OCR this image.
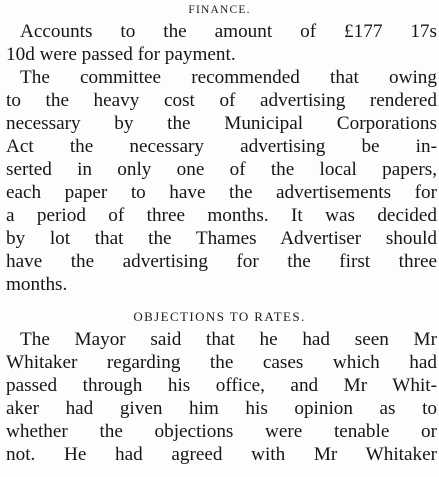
FINANCE.
Accounts to the amount of £177 17s
10d were passed for payment.
The committee recommended that owing
to the heavy cost of advertising rendered
necessary by the Municipal Corporations
Act the necessary advertising be in-
serted in only one of the local papers,
each paper to have the advertisements for
a period of three months. It was decided
by lot that the Thames Advertiser should
have the advertising for the first three
months.
OBJECTIONS TO RATES.
The Mayor said that he had seen Mr
Whitaker regarding the cases which had
passed through his office, and Mr Whit-
aker had given him his opinion as to
whether the objections were tenable or
not. He had agreed with Mr Whitaker
